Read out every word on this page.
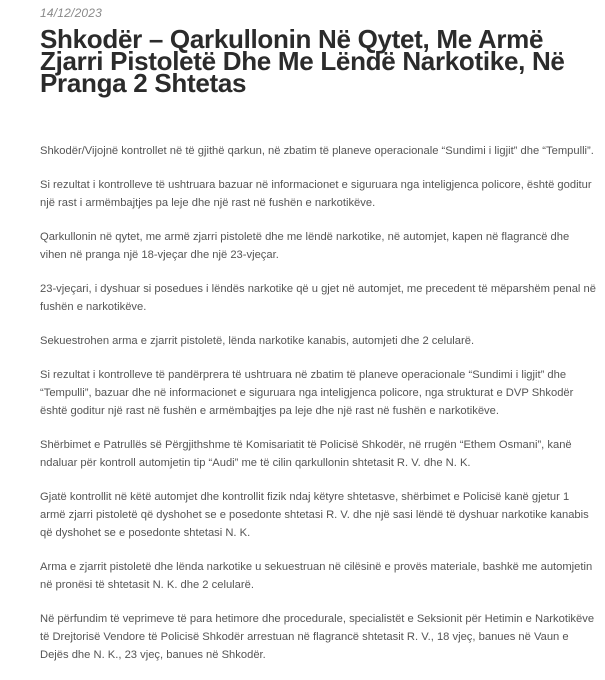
14/12/2023
Shkodër – Qarkullonin Në Qytet, Me Armë Zjarri Pistoletë Dhe Me Lëndë Narkotike, Në Pranga 2 Shtetas

Shkodër/Vijojnë kontrollet në të gjithë qarkun, në zbatim të planeve operacionale “Sundimi i ligjit” dhe “Tempulli”.

Si rezultat i kontrolleve të ushtruara bazuar në informacionet e siguruara nga inteligjenca policore, është goditur një rast i armëmbajtjes pa leje dhe një rast në fushën e narkotikëve.

Qarkullonin në qytet, me armë zjarri pistoletë dhe me lëndë narkotike, në automjet, kapen në flagrancë dhe vihen në pranga një 18-vjeçar dhe një 23-vjeçar.

23-vjeçari, i dyshuar si posedues i lëndës narkotike që u gjet në automjet, me precedent të mëparshëm penal në fushën e narkotikëve.

Sekuestrohen arma e zjarrit pistoletë, lënda narkotike kanabis, automjeti dhe 2 celularë.

Si rezultat i kontrolleve të pandërprera të ushtruara në zbatim të planeve operacionale “Sundimi i ligjit” dhe “Tempulli”, bazuar dhe në informacionet e siguruara nga inteligjenca policore, nga strukturat e DVP Shkodër është goditur një rast në fushën e armëmbajtjes pa leje dhe një rast në fushën e narkotikëve.

Shërbimet e Patrullës së Përgjithshme të Komisariatit të Policisë Shkodër, në rrugën “Ethem Osmani”, kanë ndaluar për kontroll automjetin tip “Audi” me të cilin qarkullonin shtetasit R. V. dhe N. K.

Gjatë kontrollit në këtë automjet dhe kontrollit fizik ndaj këtyre shtetasve, shërbimet e Policisë kanë gjetur 1 armë zjarri pistoletë që dyshohet se e posedonte shtetasi R. V. dhe një sasi lëndë të dyshuar narkotike kanabis që dyshohet se e posedonte shtetasi N. K.

Arma e zjarrit pistoletë dhe lënda narkotike u sekuestruan në cilësinë e provës materiale, bashkë me automjetin në pronësi të shtetasit N. K. dhe 2 celularë.

Në përfundim të veprimeve të para hetimore dhe procedurale, specialistët e Seksionit për Hetimin e Narkotikëve të Drejtorisë Vendore të Policisë Shkodër arrestuan në flagrancë shtetasit R. V., 18 vjeç, banues në Vaun e Dejës dhe N. K., 23 vjeç, banues në Shkodër.
